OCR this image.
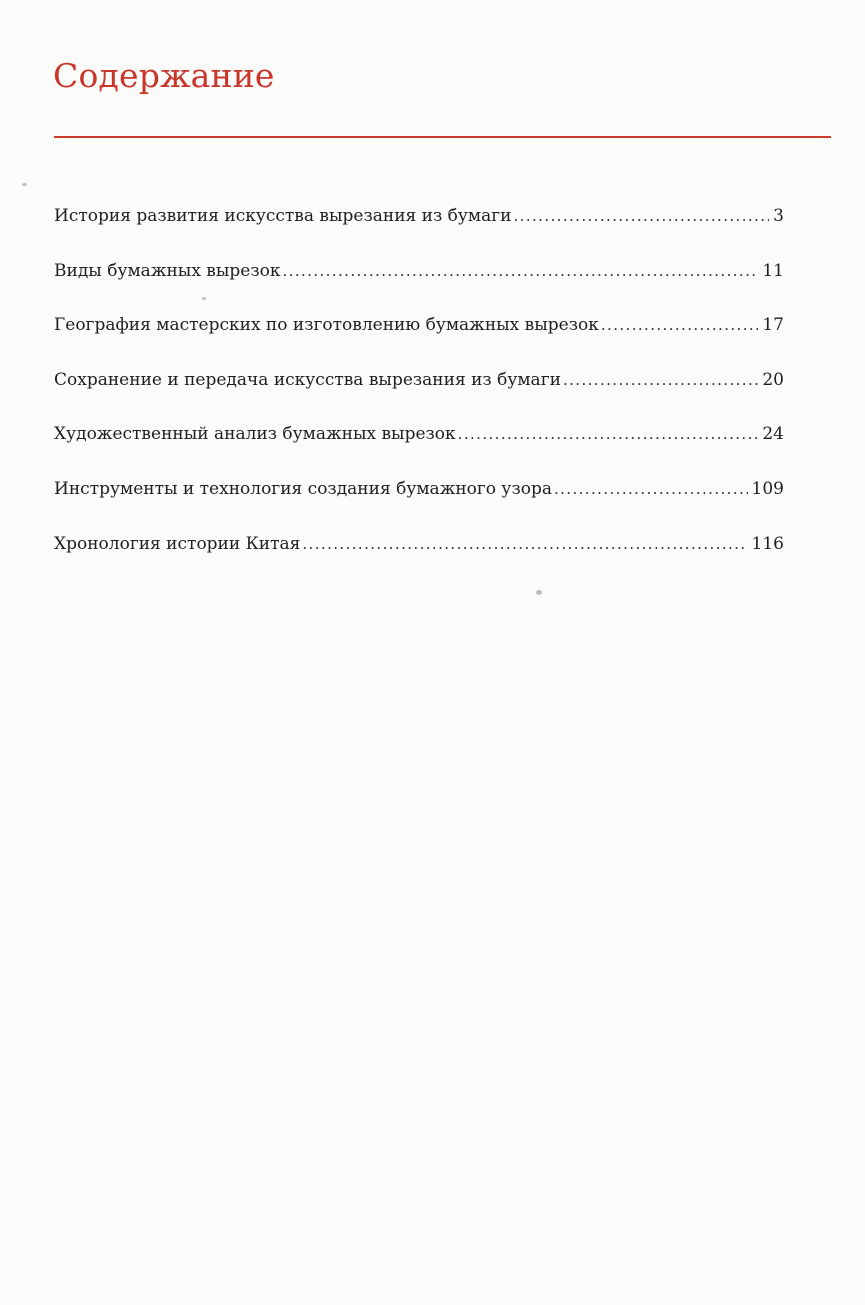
Содержание
История развития искусства вырезания из бумаги .....	3
Виды бумажных вырезок .....	11
География мастерских по изготовлению бумажных вырезок .....	17
Сохранение и передача искусства вырезания из бумаги .....	20
Художественный анализ бумажных вырезок .....	24
Инструменты и технология создания бумажного узора .....	109
Хронология истории Китая .....	116
